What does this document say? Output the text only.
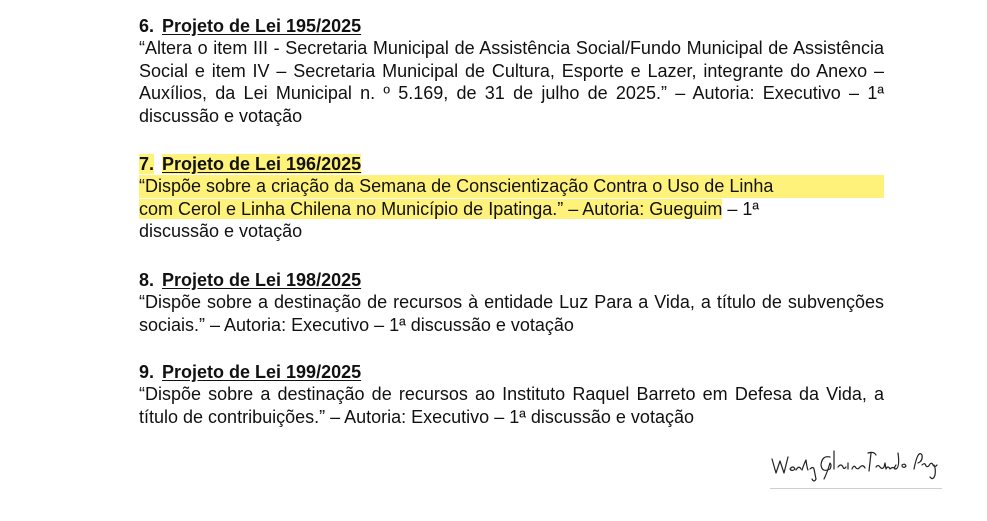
6. Projeto de Lei 195/2025
“Altera o item III - Secretaria Municipal de Assistência Social/Fundo Municipal de Assistência Social e item IV – Secretaria Municipal de Cultura, Esporte e Lazer, integrante do Anexo – Auxílios, da Lei Municipal n. º 5.169, de 31 de julho de 2025.” – Autoria: Executivo – 1ª discussão e votação
7. Projeto de Lei 196/2025
“Dispõe sobre a criação da Semana de Conscientização Contra o Uso de Linha
com Cerol e Linha Chilena no Município de Ipatinga.” – Autoria: Gueguim – 1ª
discussão e votação
8. Projeto de Lei 198/2025
“Dispõe sobre a destinação de recursos à entidade Luz Para a Vida, a título de subvenções sociais.” – Autoria: Executivo – 1ª discussão e votação
9. Projeto de Lei 199/2025
“Dispõe sobre a destinação de recursos ao Instituto Raquel Barreto em Defesa da Vida, a título de contribuições.” – Autoria: Executivo – 1ª discussão e votação
